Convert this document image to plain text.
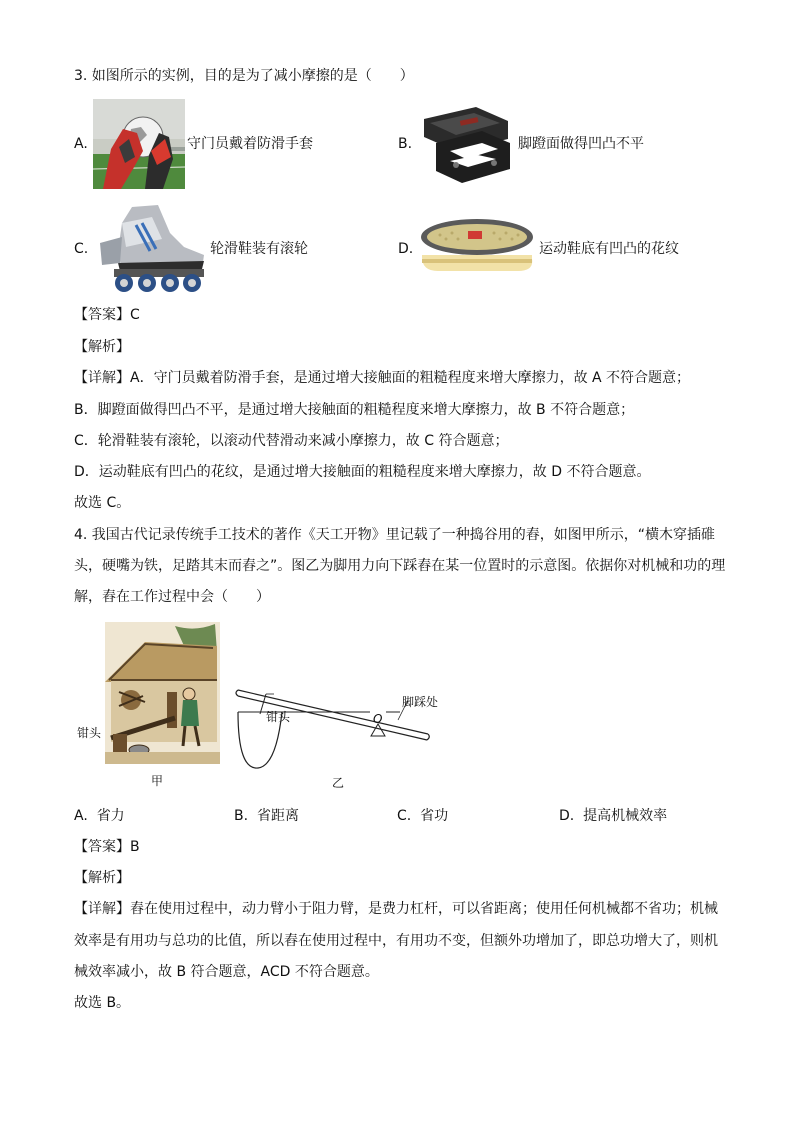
3. 如图所示的实例，目的是为了减小摩擦的是（　　）
A.	守门员戴着防滑手套	B.	脚蹬面做得凹凸不平
C.	轮滑鞋装有滚轮	D.	运动鞋底有凹凸的花纹
【答案】C
【解析】
【详解】A．守门员戴着防滑手套，是通过增大接触面的粗糙程度来增大摩擦力，故 A 不符合题意；
B．脚蹬面做得凹凸不平，是通过增大接触面的粗糙程度来增大摩擦力，故 B 不符合题意；
C．轮滑鞋装有滚轮，以滚动代替滑动来减小摩擦力，故 C 符合题意；
D．运动鞋底有凹凸的花纹，是通过增大接触面的粗糙程度来增大摩擦力，故 D 不符合题意。
故选 C。
4. 我国古代记录传统手工技术的著作《天工开物》里记载了一种捣谷用的舂，如图甲所示，“横木穿插碓
头，硬嘴为铁，足踏其末而舂之”。图乙为脚用力向下踩舂在某一位置时的示意图。依据你对机械和功的理
解，舂在工作过程中会（　　）
钳头
甲
钳头	O
脚踩处
乙
A. 省力	B. 省距离	C. 省功	D. 提高机械效率
【答案】B
【解析】
【详解】舂在使用过程中，动力臂小于阻力臂，是费力杠杆，可以省距离；使用任何机械都不省功；机械
效率是有用功与总功的比值，所以舂在使用过程中，有用功不变，但额外功增加了，即总功增大了，则机
械效率减小，故 B 符合题意，ACD 不符合题意。
故选 B。
